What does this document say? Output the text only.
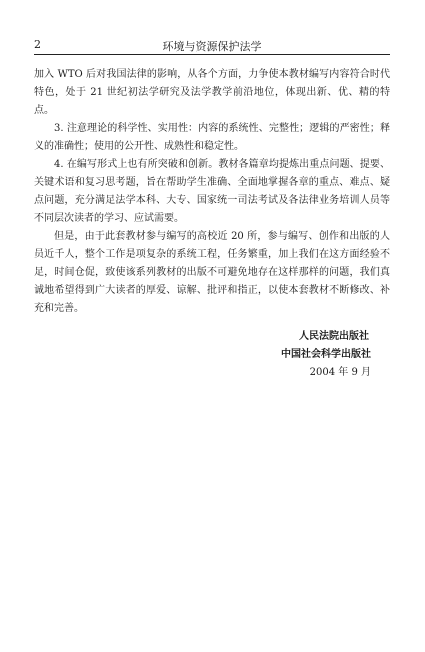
2	环境与资源保护法学

加入 WTO 后对我国法律的影响，从各个方面，力争使本教材编写内容符合时代特色，处于 21 世纪初法学研究及法学教学前沿地位，体现出新、优、精的特点。

3. 注意理论的科学性、实用性：内容的系统性、完整性；逻辑的严密性；释义的准确性；使用的公开性、成熟性和稳定性。

4. 在编写形式上也有所突破和创新。教材各篇章均提炼出重点问题、提要、关键术语和复习思考题，旨在帮助学生准确、全面地掌握各章的重点、难点、疑点问题，充分满足法学本科、大专、国家统一司法考试及各法律业务培训人员等不同层次读者的学习、应试需要。

但是，由于此套教材参与编写的高校近 20 所，参与编写、创作和出版的人员近千人，整个工作是项复杂的系统工程，任务繁重，加上我们在这方面经验不足，时间仓促，致使该系列教材的出版不可避免地存在这样那样的问题，我们真诚地希望得到广大读者的厚爱、谅解、批评和指正，以使本套教材不断修改、补充和完善。

人民法院出版社
中国社会科学出版社
2004 年 9 月
